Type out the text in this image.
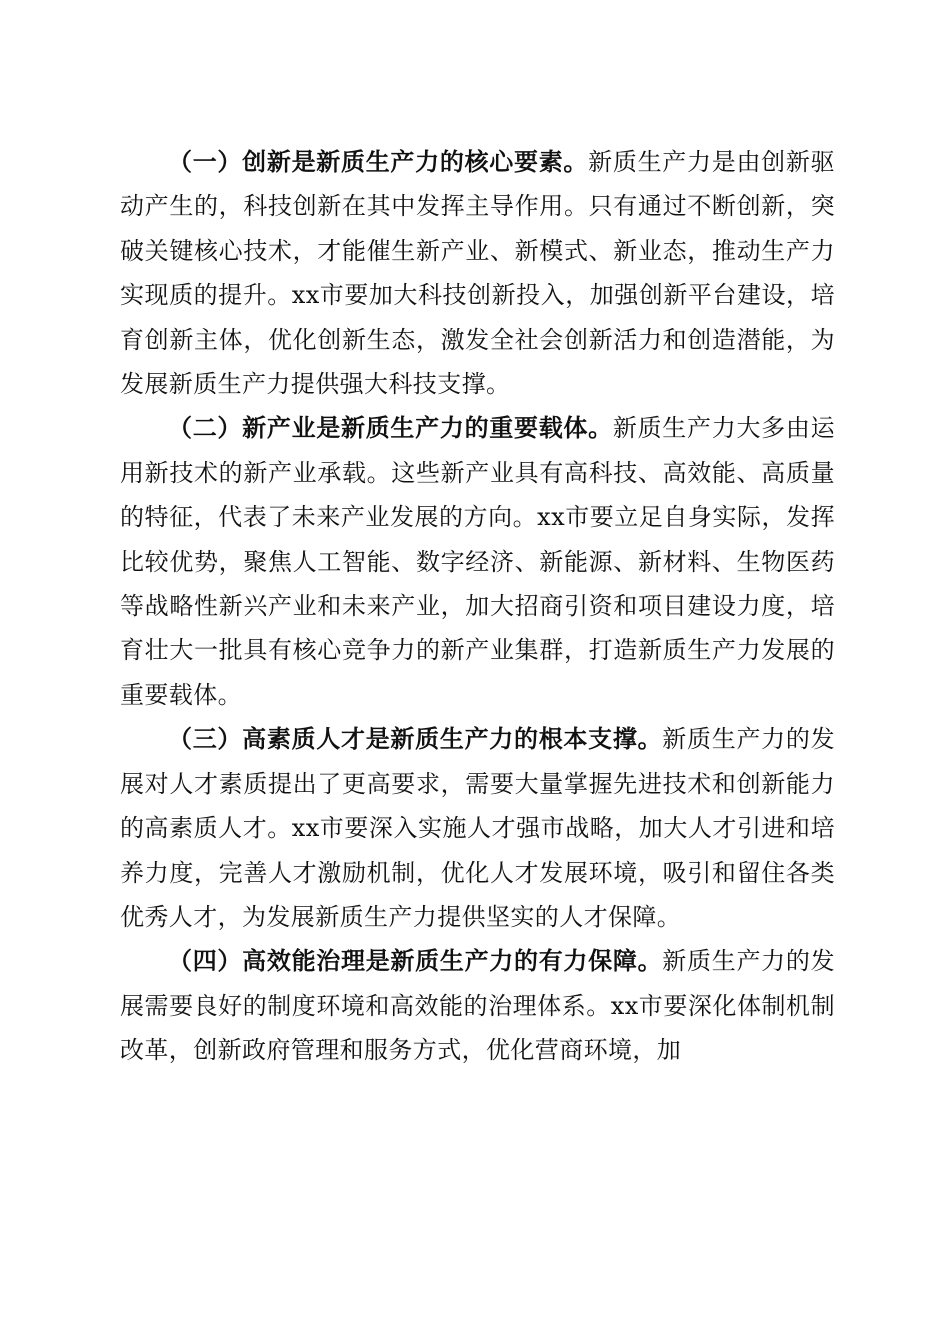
（一）创新是新质生产力的核心要素。新质生产力是由创新驱动产生的，科技创新在其中发挥主导作用。只有通过不断创新，突破关键核心技术，才能催生新产业、新模式、新业态，推动生产力实现质的提升。xx市要加大科技创新投入，加强创新平台建设，培育创新主体，优化创新生态，激发全社会创新活力和创造潜能，为发展新质生产力提供强大科技支撑。

（二）新产业是新质生产力的重要载体。新质生产力大多由运用新技术的新产业承载。这些新产业具有高科技、高效能、高质量的特征，代表了未来产业发展的方向。xx市要立足自身实际，发挥比较优势，聚焦人工智能、数字经济、新能源、新材料、生物医药等战略性新兴产业和未来产业，加大招商引资和项目建设力度，培育壮大一批具有核心竞争力的新产业集群，打造新质生产力发展的重要载体。

（三）高素质人才是新质生产力的根本支撑。新质生产力的发展对人才素质提出了更高要求，需要大量掌握先进技术和创新能力的高素质人才。xx市要深入实施人才强市战略，加大人才引进和培养力度，完善人才激励机制，优化人才发展环境，吸引和留住各类优秀人才，为发展新质生产力提供坚实的人才保障。

（四）高效能治理是新质生产力的有力保障。新质生产力的发展需要良好的制度环境和高效能的治理体系。xx市要深化体制机制改革，创新政府管理和服务方式，优化营商环境，加
